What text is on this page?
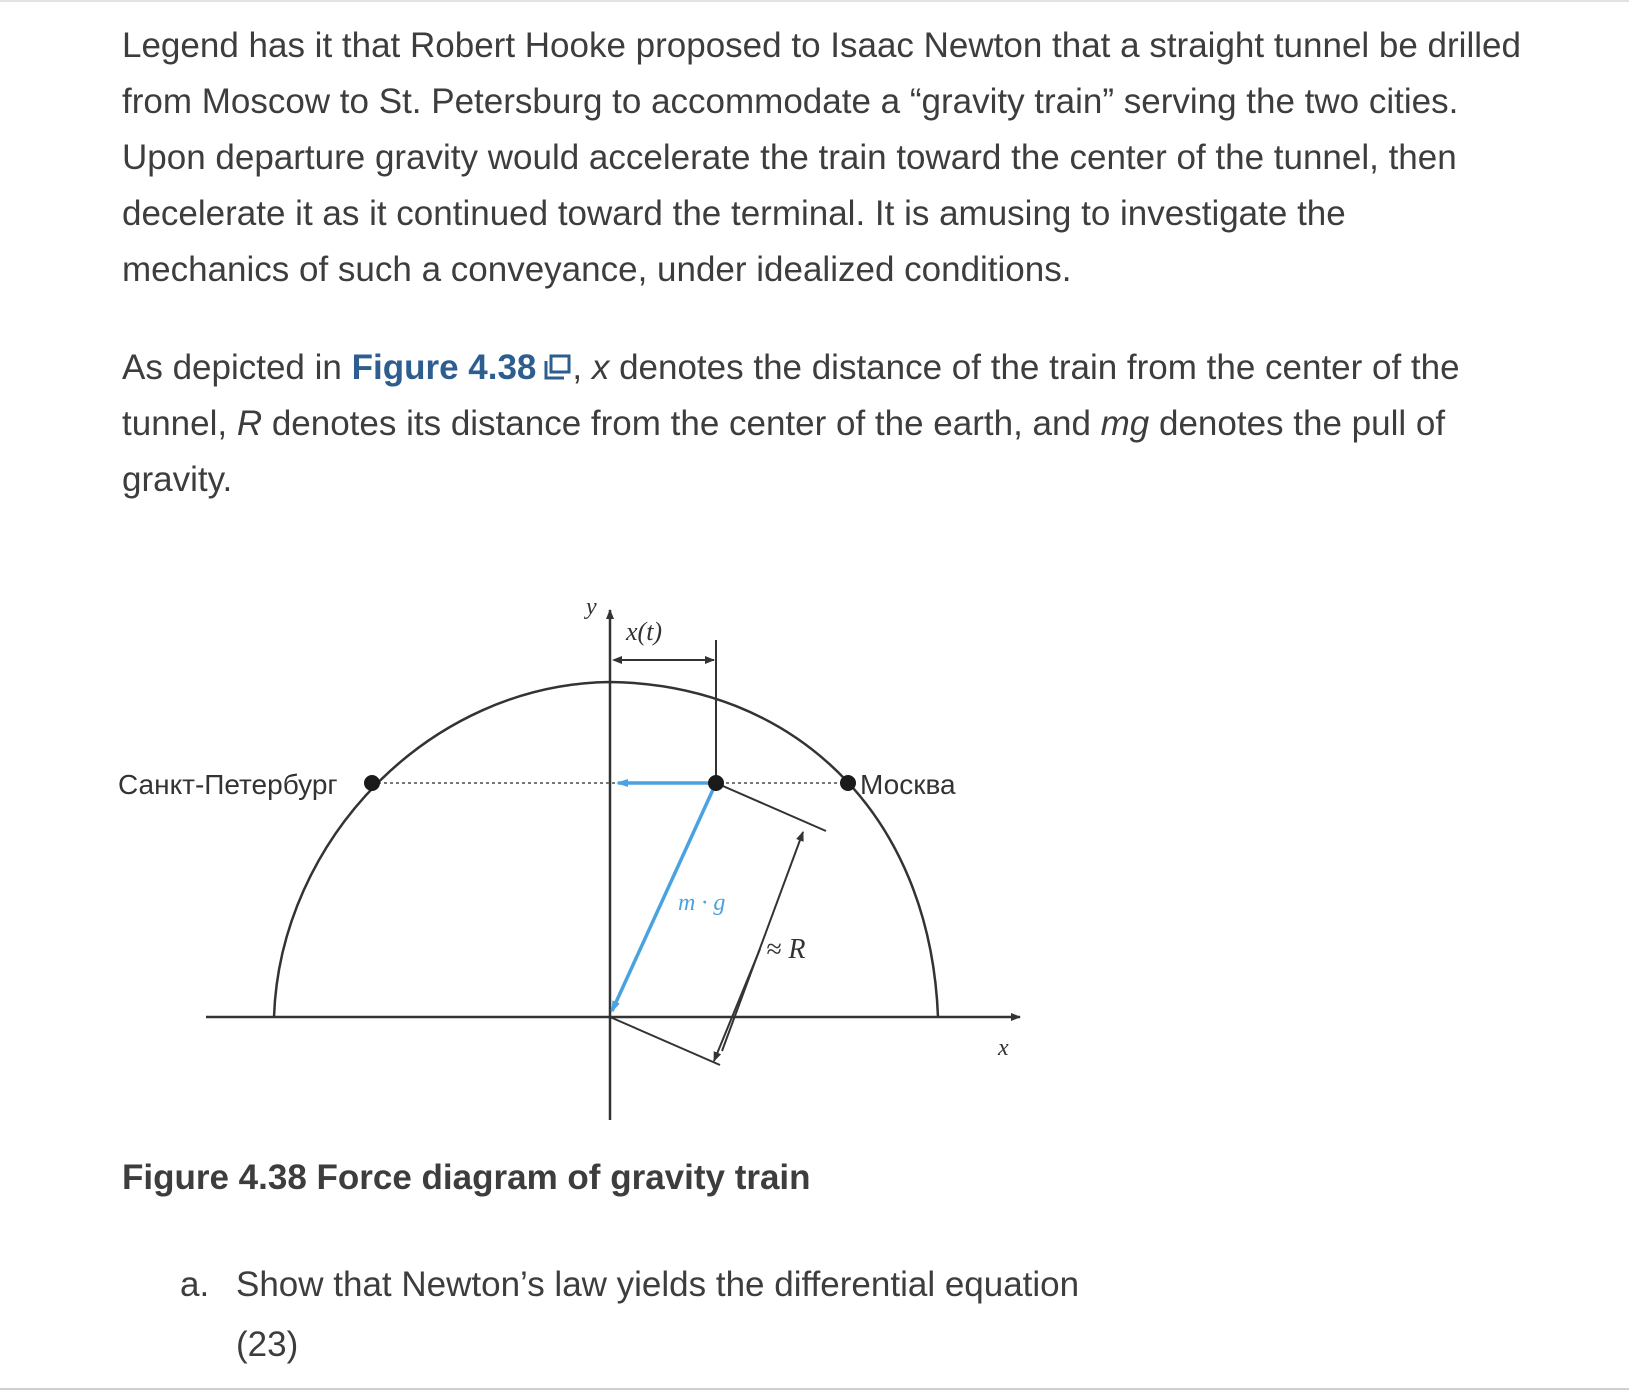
Legend has it that Robert Hooke proposed to Isaac Newton that a straight tunnel be drilled from Moscow to St. Petersburg to accommodate a “gravity train” serving the two cities. Upon departure gravity would accelerate the train toward the center of the tunnel, then decelerate it as it continued toward the terminal. It is amusing to investigate the mechanics of such a conveyance, under idealized conditions.

As depicted in Figure 4.38 , x denotes the distance of the train from the center of the tunnel, R denotes its distance from the center of the earth, and mg denotes the pull of gravity.

y
x(t)
Санкт-Петербург	Москва
m · g
≈ R
x

Figure 4.38 Force diagram of gravity train

a. Show that Newton’s law yields the differential equation
(23)
